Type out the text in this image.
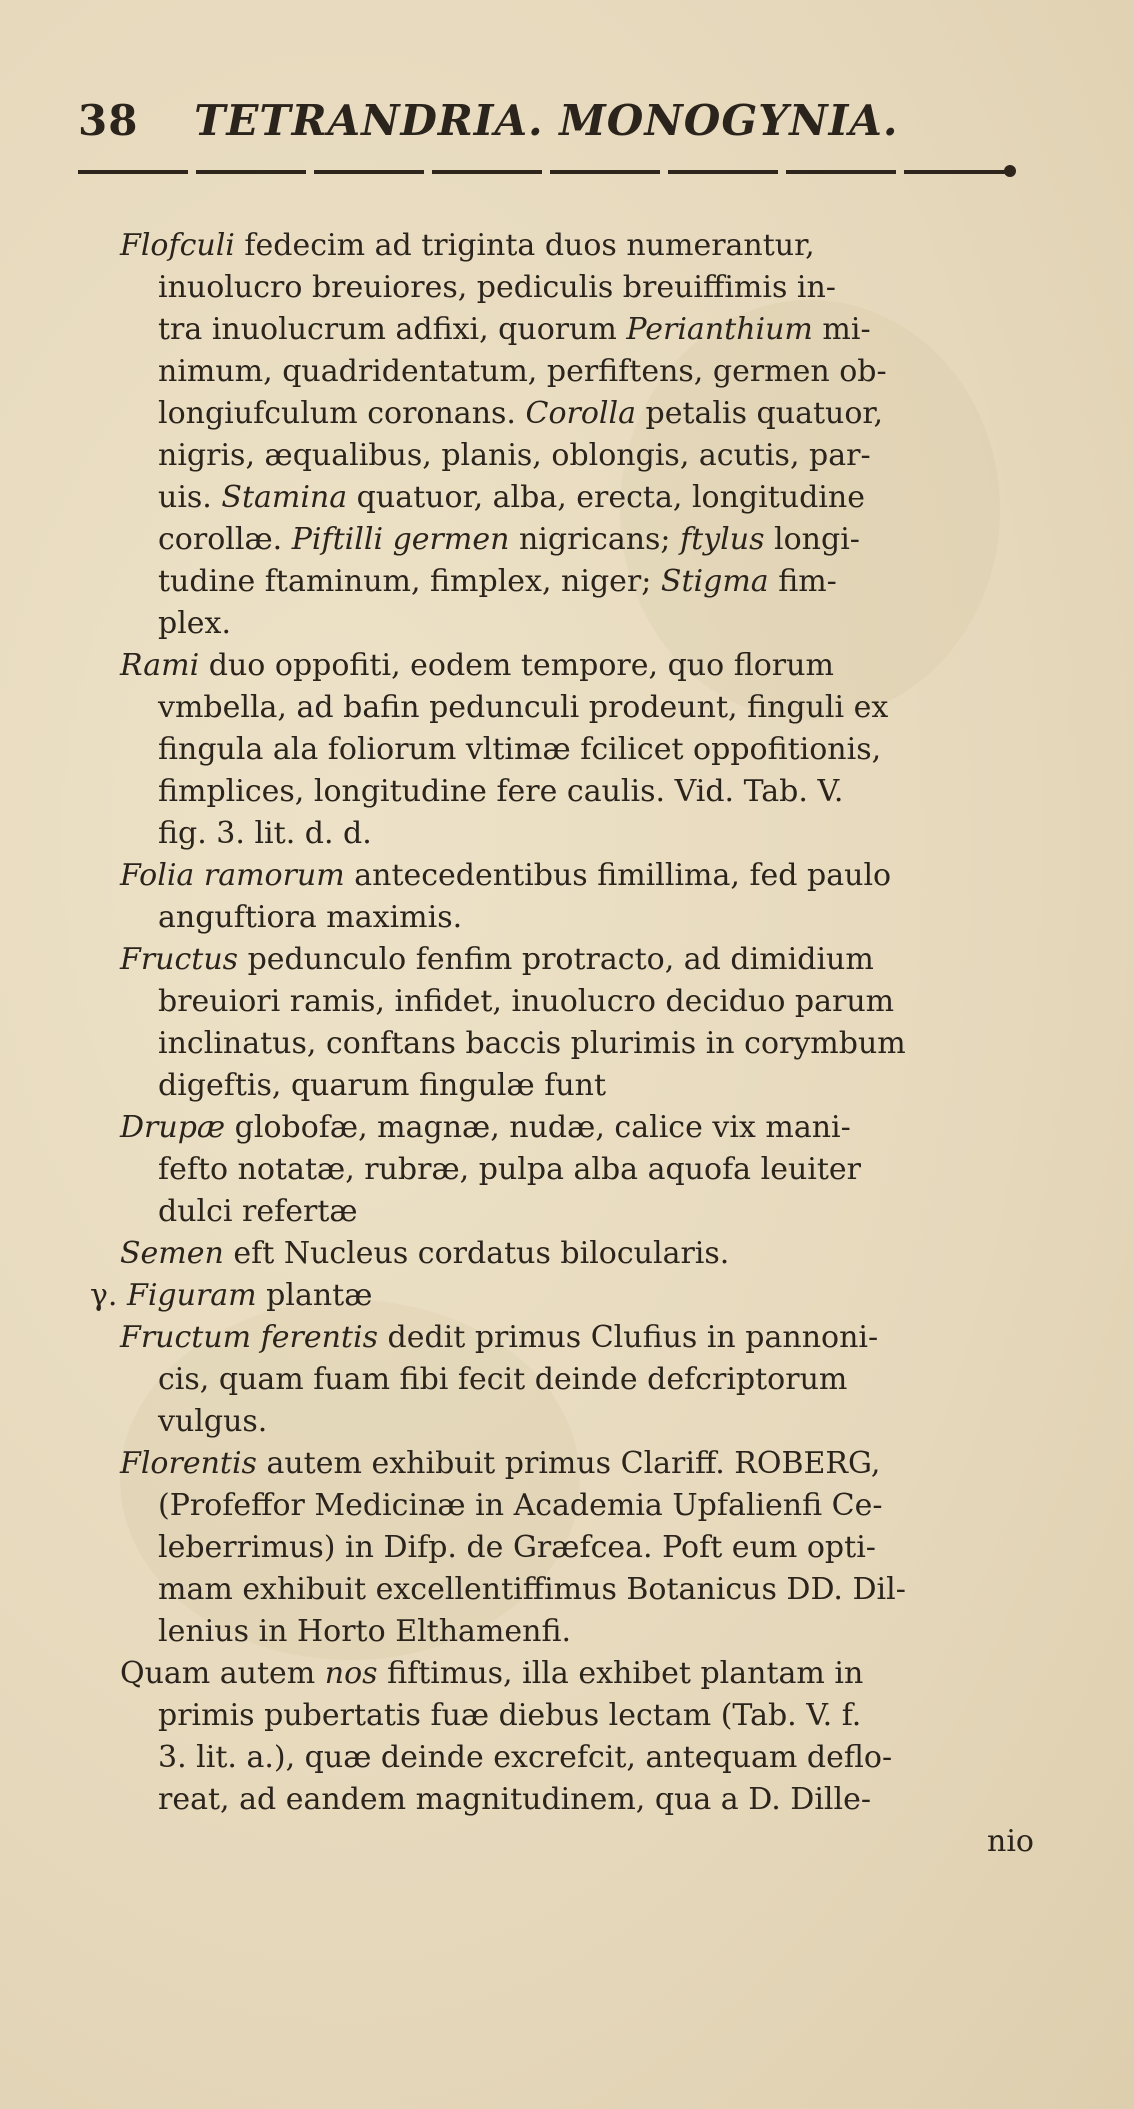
38 TETRANDRIA. MONOGYNIA.
Flofculi fedecim ad triginta duos numerantur,
inuolucro breuiores, pediculis breuiffimis in-
tra inuolucrum adfixi, quorum Perianthium mi-
nimum, quadridentatum, perfiftens, germen ob-
longiufculum coronans. Corolla petalis quatuor,
nigris, æqualibus, planis, oblongis, acutis, par-
uis. Stamina quatuor, alba, erecta, longitudine
corollæ. Piftilli germen nigricans; ftylus longi-
tudine ftaminum, fimplex, niger; Stigma fim-
plex.
Rami duo oppofiti, eodem tempore, quo florum
vmbella, ad bafin pedunculi prodeunt, finguli ex
fingula ala foliorum vltimæ fcilicet oppofitionis,
fimplices, longitudine fere caulis. Vid. Tab. V.
fig. 3. lit. d. d.
Folia ramorum antecedentibus fimillima, fed paulo
anguftiora maximis.
Fructus pedunculo fenfim protracto, ad dimidium
breuiori ramis, infidet, inuolucro deciduo parum
inclinatus, conftans baccis plurimis in corymbum
digeftis, quarum fingulæ funt
Drupæ globofæ, magnæ, nudæ, calice vix mani-
fefto notatæ, rubræ, pulpa alba aquofa leuiter
dulci refertæ
Semen eft Nucleus cordatus bilocularis.
γ. Figuram plantæ
Fructum ferentis dedit primus Clufius in pannoni-
cis, quam fuam fibi fecit deinde defcriptorum
vulgus.
Florentis autem exhibuit primus Clariff. ROBERG,
(Profeffor Medicinæ in Academia Upfalienfi Ce-
leberrimus) in Difp. de Græfcea. Poft eum opti-
mam exhibuit excellentiffimus Botanicus DD. Dil-
lenius in Horto Elthamenfi.
Quam autem nos fiftimus, illa exhibet plantam in
primis pubertatis fuæ diebus lectam (Tab. V. f.
3. lit. a.), quæ deinde excrefcit, antequam deflo-
reat, ad eandem magnitudinem, qua a D. Dille-
nio
